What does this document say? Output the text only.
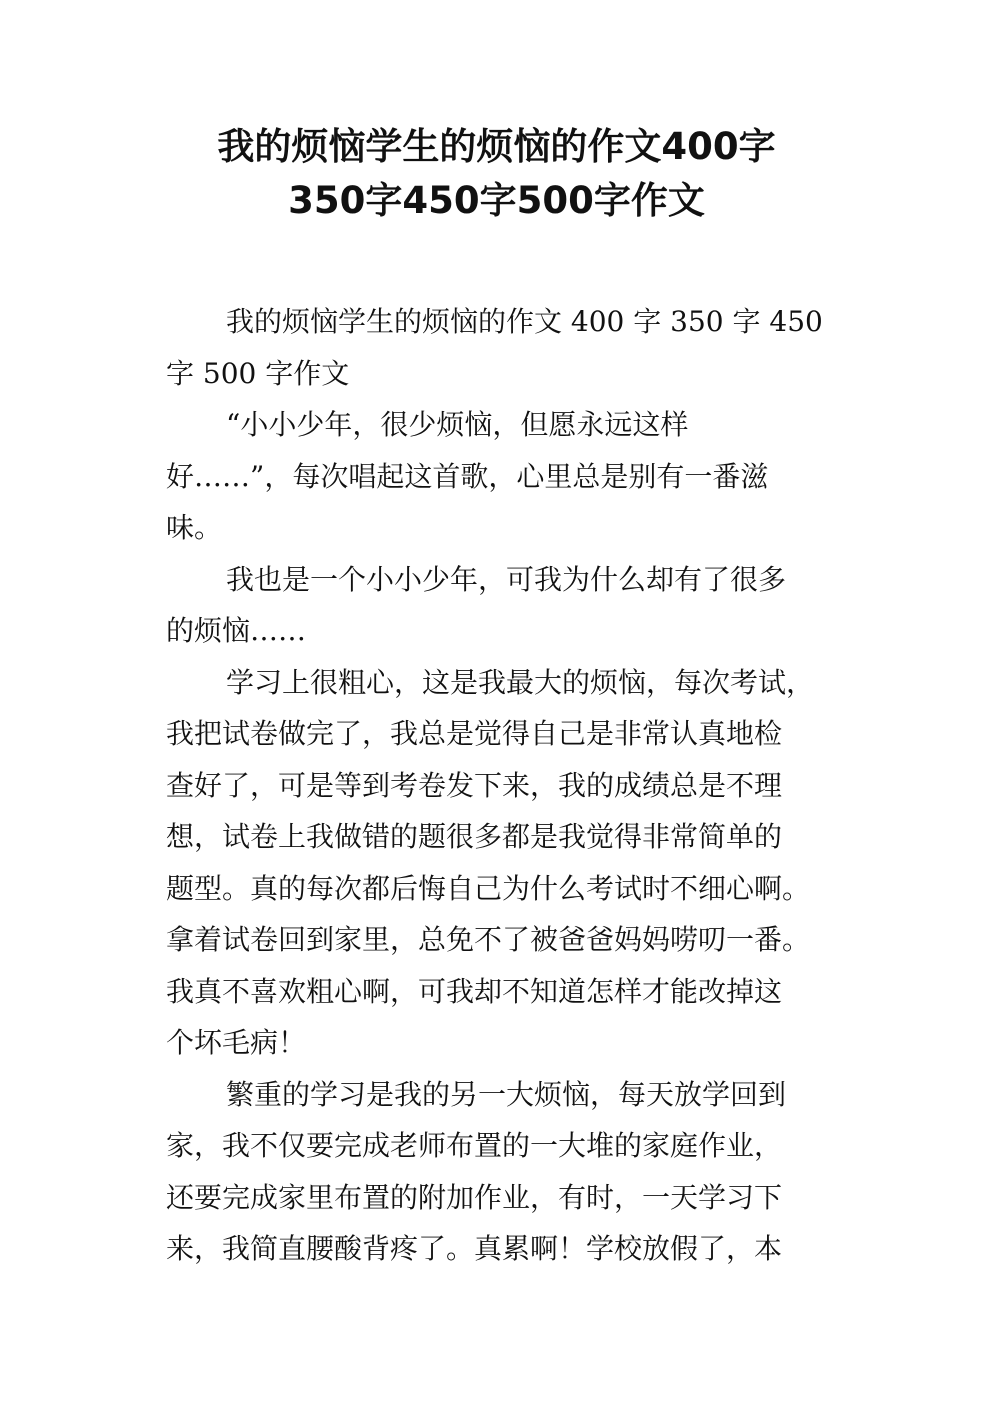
我的烦恼学生的烦恼的作文400字
350字450字500字作文
我的烦恼学生的烦恼的作文 400 字 350 字 450
字 500 字作文
“小小少年，很少烦恼，但愿永远这样
好……”，每次唱起这首歌，心里总是别有一番滋
味。
我也是一个小小少年，可我为什么却有了很多
的烦恼……
学习上很粗心，这是我最大的烦恼，每次考试，
我把试卷做完了，我总是觉得自己是非常认真地检
查好了，可是等到考卷发下来，我的成绩总是不理
想，试卷上我做错的题很多都是我觉得非常简单的
题型。真的每次都后悔自己为什么考试时不细心啊。
拿着试卷回到家里，总免不了被爸爸妈妈唠叨一番。
我真不喜欢粗心啊，可我却不知道怎样才能改掉这
个坏毛病！
繁重的学习是我的另一大烦恼，每天放学回到
家，我不仅要完成老师布置的一大堆的家庭作业，
还要完成家里布置的附加作业，有时，一天学习下
来，我简直腰酸背疼了。真累啊！学校放假了，本
